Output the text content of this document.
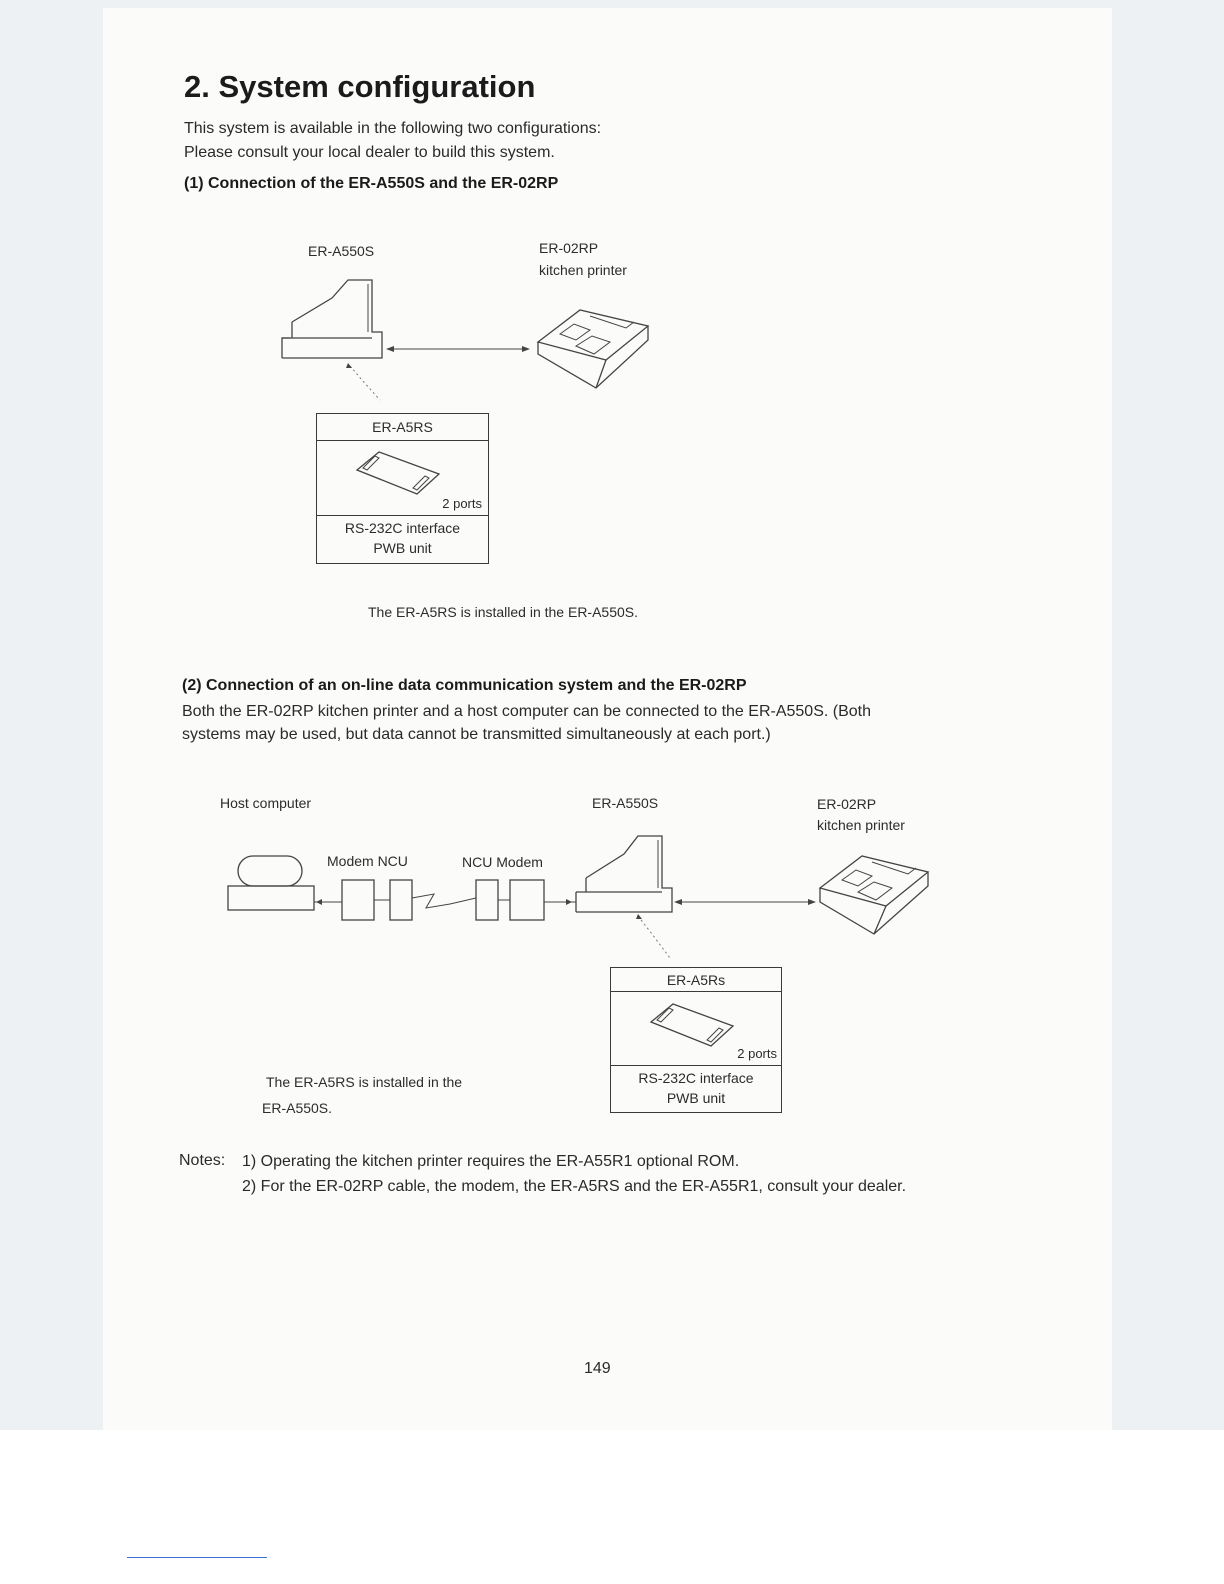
2. System configuration
This system is available in the following two configurations:
Please consult your local dealer to build this system.
(1) Connection of the ER-A550S and the ER-02RP
ER-A550S	ER-02RP
kitchen printer
ER-A5RS
2 ports
RS-232C interface
PWB unit
The ER-A5RS is installed in the ER-A550S.
(2) Connection of an on-line data communication system and the ER-02RP
Both the ER-02RP kitchen printer and a host computer can be connected to the ER-A550S. (Both
systems may be used, but data cannot be transmitted simultaneously at each port.)
Host computer	ER-A550S	ER-02RP
kitchen printer
Modem NCU	NCU Modem
ER-A5Rs
2 ports
RS-232C interface
PWB unit
The ER-A5RS is installed in the
ER-A550S.
Notes: 1) Operating the kitchen printer requires the ER-A55R1 optional ROM.
2) For the ER-02RP cable, the modem, the ER-A5RS and the ER-A55R1, consult your dealer.
149
